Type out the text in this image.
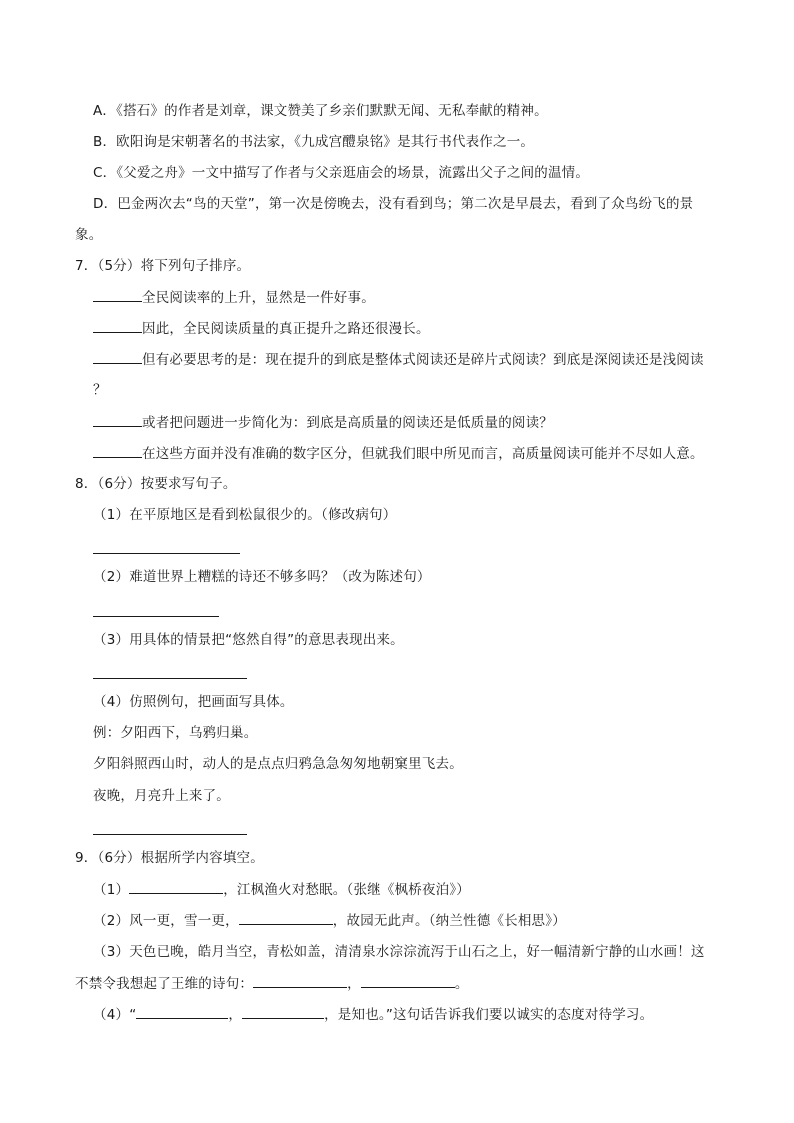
A．《搭石》的作者是刘章，课文赞美了乡亲们默默无闻、无私奉献的精神。
B．欧阳询是宋朝著名的书法家，《九成宫醴泉铭》是其行书代表作之一。
C．《父爱之舟》一文中描写了作者与父亲逛庙会的场景，流露出父子之间的温情。
D．巴金两次去“鸟的天堂”，第一次是傍晚去，没有看到鸟；第二次是早晨去，看到了众鸟纷飞的景
象。
7．（5分）将下列句子排序。
全民阅读率的上升，显然是一件好事。
因此，全民阅读质量的真正提升之路还很漫长。
但有必要思考的是：现在提升的到底是整体式阅读还是碎片式阅读？到底是深阅读还是浅阅读
？
或者把问题进一步简化为：到底是高质量的阅读还是低质量的阅读？
在这些方面并没有准确的数字区分，但就我们眼中所见而言，高质量阅读可能并不尽如人意。
8．（6分）按要求写句子。
（1）在平原地区是看到松鼠很少的。（修改病句）
（2）难道世界上糟糕的诗还不够多吗？（改为陈述句）
（3）用具体的情景把“悠然自得”的意思表现出来。
（4）仿照例句，把画面写具体。
例：夕阳西下，乌鸦归巢。
夕阳斜照西山时，动人的是点点归鸦急急匆匆地朝窠里飞去。
夜晚，月亮升上来了。
9．（6分）根据所学内容填空。
（1）	，江枫渔火对愁眠。（张继《枫桥夜泊》）
（2）风一更，雪一更，	，故园无此声。（纳兰性德《长相思》）
（3）天色已晚，皓月当空，青松如盖，清清泉水淙淙流泻于山石之上，好一幅清新宁静的山水画！这
不禁令我想起了王维的诗句：	，	。
（4）“	，	，是知也。”这句话告诉我们要以诚实的态度对待学习。
